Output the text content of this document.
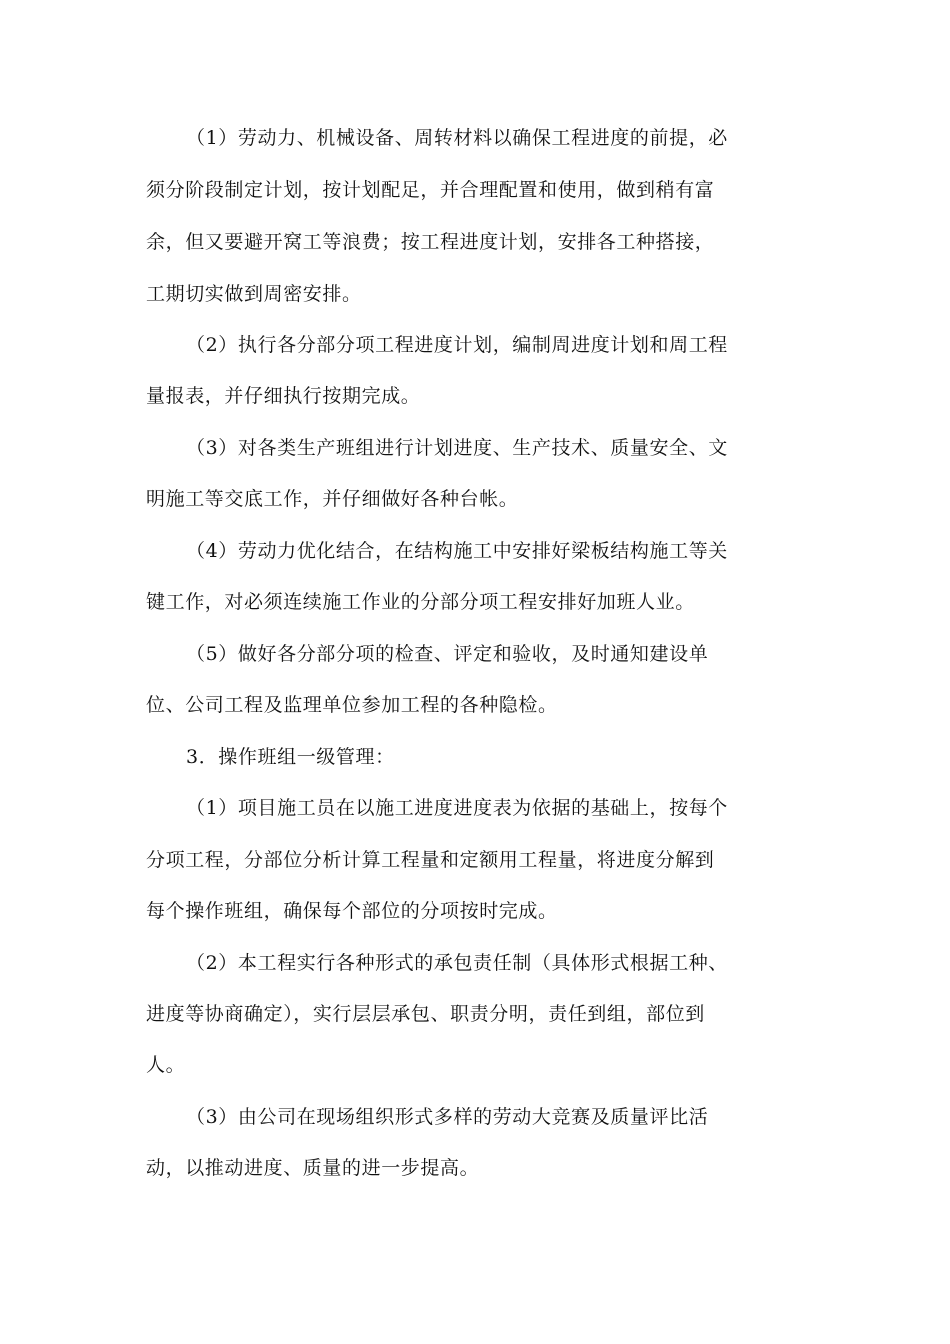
（1）劳动力、机械设备、周转材料以确保工程进度的前提，必
须分阶段制定计划，按计划配足，并合理配置和使用，做到稍有富
余，但又要避开窝工等浪费；按工程进度计划，安排各工种搭接，
工期切实做到周密安排。
（2）执行各分部分项工程进度计划，编制周进度计划和周工程
量报表，并仔细执行按期完成。
（3）对各类生产班组进行计划进度、生产技术、质量安全、文
明施工等交底工作，并仔细做好各种台帐。
（4）劳动力优化结合，在结构施工中安排好梁板结构施工等关
键工作，对必须连续施工作业的分部分项工程安排好加班人业。
（5）做好各分部分项的检查、评定和验收，及时通知建设单
位、公司工程及监理单位参加工程的各种隐检。
3．操作班组一级管理：
（1）项目施工员在以施工进度进度表为依据的基础上，按每个
分项工程，分部位分析计算工程量和定额用工程量，将进度分解到
每个操作班组，确保每个部位的分项按时完成。
（2）本工程实行各种形式的承包责任制（具体形式根据工种、
进度等协商确定），实行层层承包、职责分明，责任到组，部位到
人。
（3）由公司在现场组织形式多样的劳动大竞赛及质量评比活
动，以推动进度、质量的进一步提高。
